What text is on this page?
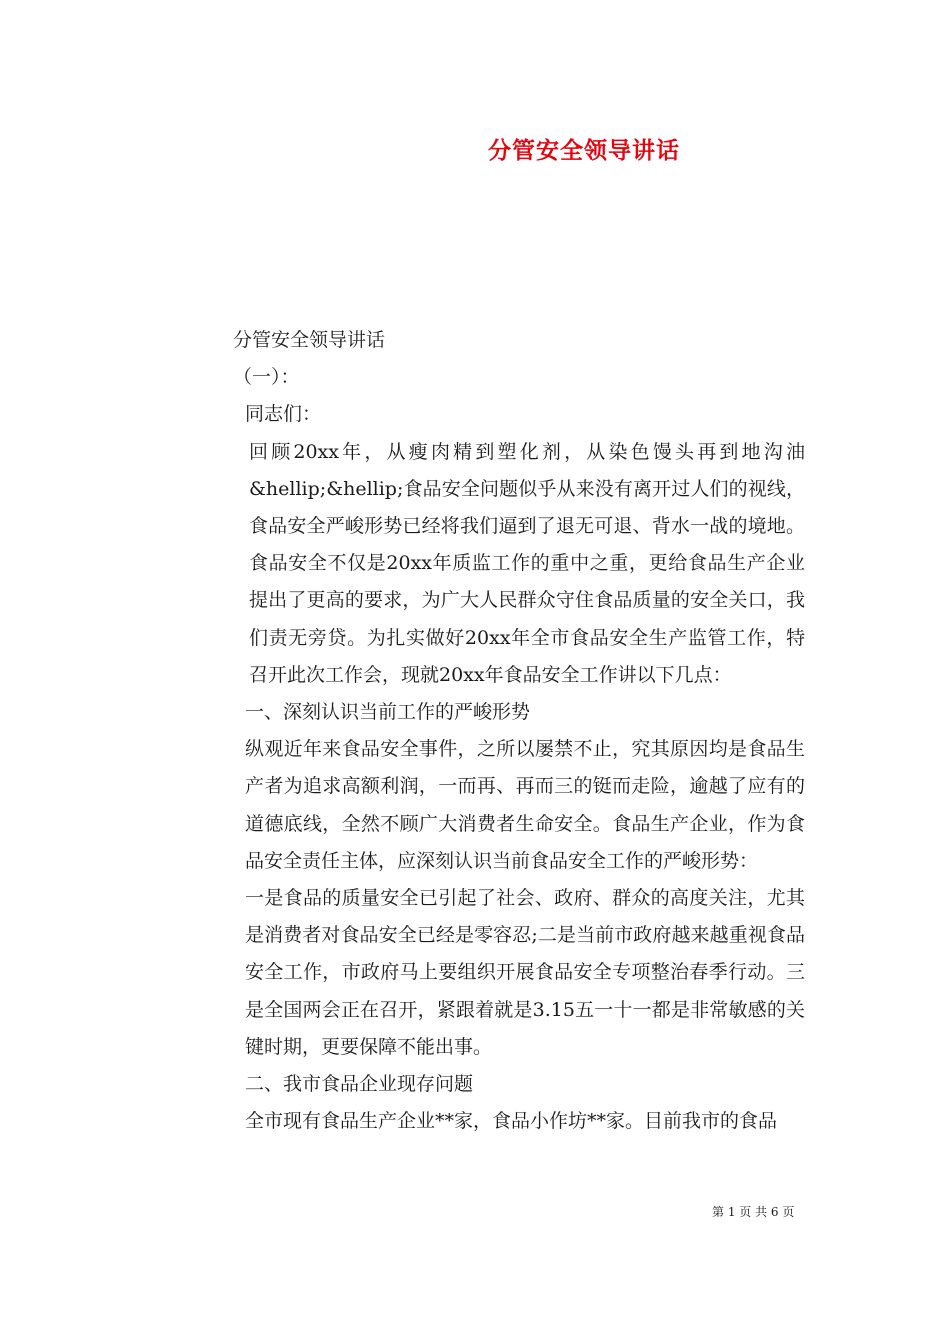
分管安全领导讲话

分管安全领导讲话

（一）：

同志们：

回顾20xx年，从瘦肉精到塑化剂，从染色馒头再到地沟油&hellip;&hellip;食品安全问题似乎从来没有离开过人们的视线，食品安全严峻形势已经将我们逼到了退无可退、背水一战的境地。食品安全不仅是20xx年质监工作的重中之重，更给食品生产企业提出了更高的要求，为广大人民群众守住食品质量的安全关口，我们责无旁贷。为扎实做好20xx年全市食品安全生产监管工作，特召开此次工作会，现就20xx年食品安全工作讲以下几点：

一、深刻认识当前工作的严峻形势

纵观近年来食品安全事件，之所以屡禁不止，究其原因均是食品生产者为追求高额利润，一而再、再而三的铤而走险，逾越了应有的道德底线，全然不顾广大消费者生命安全。食品生产企业，作为食品安全责任主体，应深刻认识当前食品安全工作的严峻形势：

一是食品的质量安全已引起了社会、政府、群众的高度关注，尤其是消费者对食品安全已经是零容忍;二是当前市政府越来越重视食品安全工作，市政府马上要组织开展食品安全专项整治春季行动。三是全国两会正在召开，紧跟着就是3.15五一十一都是非常敏感的关键时期，更要保障不能出事。

二、我市食品企业现存问题

全市现有食品生产企业**家，食品小作坊**家。目前我市的食品

第 1 页 共 6 页
